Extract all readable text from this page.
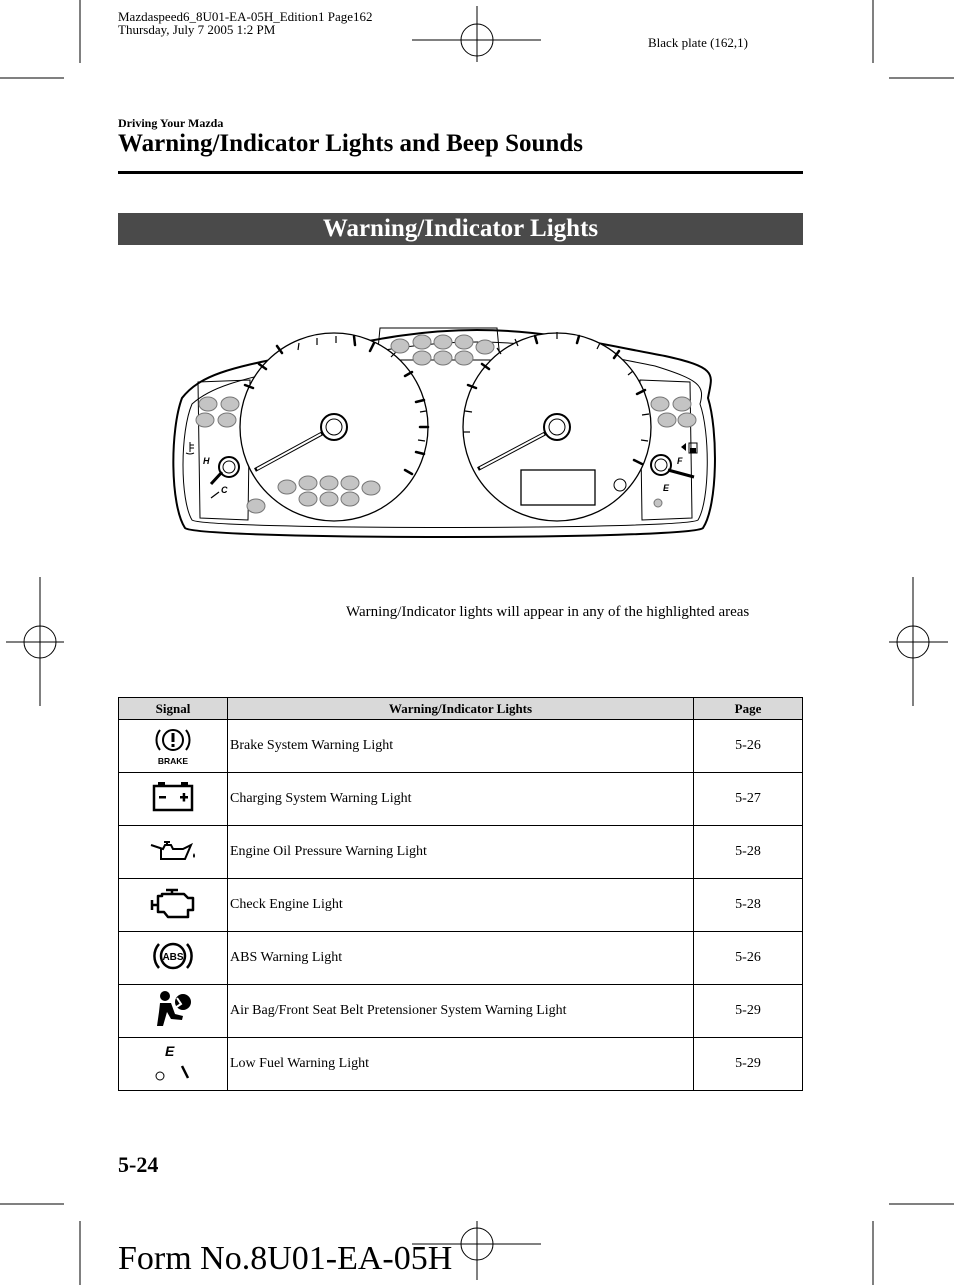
Mazdaspeed6_8U01-EA-05H_Edition1 Page162
Thursday, July 7 2005 1:2 PM
Black plate (162,1)
Driving Your Mazda
Warning/Indicator Lights and Beep Sounds
Warning/Indicator Lights
H
C
F
E
Warning/Indicator lights will appear in any of the highlighted areas
Signal	Warning/Indicator Lights	Page

BRAKE	Brake System Warning Light	5-26
	Charging System Warning Light	5-27
	Engine Oil Pressure Warning Light	5-28
	Check Engine Light	5-28

ABS	ABS Warning Light	5-26
	Air Bag/Front Seat Belt Pretensioner System Warning Light	5-29

E	Low Fuel Warning Light	5-29
5-24
Form No.8U01-EA-05H
